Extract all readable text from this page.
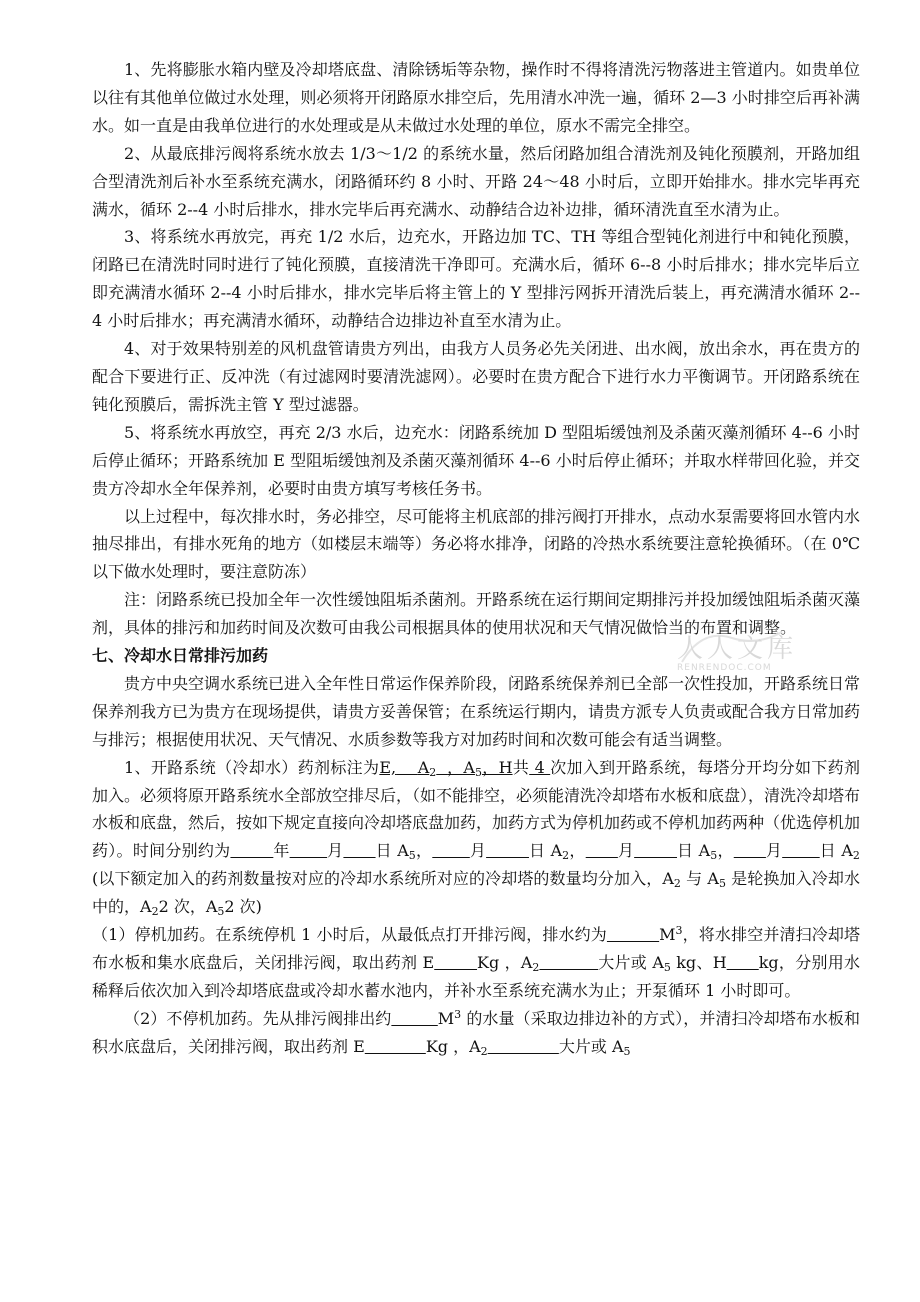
1、先将膨胀水箱内壁及冷却塔底盘、清除锈垢等杂物，操作时不得将清洗污物落进主管道内。如贵单位以往有其他单位做过水处理，则必须将开闭路原水排空后，先用清水冲洗一遍，循环 2—3 小时排空后再补满水。如一直是由我单位进行的水处理或是从未做过水处理的单位，原水不需完全排空。

2、从最底排污阀将系统水放去 1/3～1/2 的系统水量，然后闭路加组合清洗剂及钝化预膜剂，开路加组合型清洗剂后补水至系统充满水，闭路循环约 8 小时、开路 24～48 小时后，立即开始排水。排水完毕再充满水，循环 2--4 小时后排水，排水完毕后再充满水、动静结合边补边排，循环清洗直至水清为止。

3、将系统水再放完，再充 1/2 水后，边充水，开路边加 TC、TH 等组合型钝化剂进行中和钝化预膜，闭路已在清洗时同时进行了钝化预膜，直接清洗干净即可。充满水后，循环 6--8 小时后排水；排水完毕后立即充满清水循环 2--4 小时后排水，排水完毕后将主管上的 Y 型排污网拆开清洗后装上，再充满清水循环 2--4 小时后排水；再充满清水循环，动静结合边排边补直至水清为止。

4、对于效果特别差的风机盘管请贵方列出，由我方人员务必先关闭进、出水阀，放出余水，再在贵方的配合下要进行正、反冲洗（有过滤网时要清洗滤网）。必要时在贵方配合下进行水力平衡调节。开闭路系统在钝化预膜后，需拆洗主管 Y 型过滤器。

5、将系统水再放空，再充 2/3 水后，边充水：闭路系统加 D 型阻垢缓蚀剂及杀菌灭藻剂循环 4--6 小时后停止循环；开路系统加 E 型阻垢缓蚀剂及杀菌灭藻剂循环 4--6 小时后停止循环；并取水样带回化验，并交贵方冷却水全年保养剂，必要时由贵方填写考核任务书。

以上过程中，每次排水时，务必排空，尽可能将主机底部的排污阀打开排水，点动水泵需要将回水管内水抽尽排出，有排水死角的地方（如楼层末端等）务必将水排净，闭路的冷热水系统要注意轮换循环。（在 0℃以下做水处理时，要注意防冻）

注：闭路系统已投加全年一次性缓蚀阻垢杀菌剂。开路系统在运行期间定期排污并投加缓蚀阻垢杀菌灭藻剂，具体的排污和加药时间及次数可由我公司根据具体的使用状况和天气情况做恰当的布置和调整。

七、冷却水日常排污加药

贵方中央空调水系统已进入全年性日常运作保养阶段，闭路系统保养剂已全部一次性投加，开路系统日常保养剂我方已为贵方在现场提供，请贵方妥善保管；在系统运行期内，请贵方派专人负责或配合我方日常加药与排污；根据使用状况、天气情况、水质参数等我方对加药时间和次数可能会有适当调整。

1、开路系统（冷却水）药剂标注为E, $A_2$ ，$A_5$，H共 4 次加入到开路系统，每塔分开均分如下药剂加入。必须将原开路系统水全部放空排尽后，（如不能排空，必须能清洗冷却塔布水板和底盘），清洗冷却塔布水板和底盘，然后，按如下规定直接向冷却塔底盘加药，加药方式为停机加药或不停机加药两种（优选停机加药）。时间分别约为	年 月 日 $A_5$， 月	日 $A_2$， 月	日 $A_5$， 月 日 $A_2$ (以下额定加入的药剂数量按对应的冷却水系统所对应的冷却塔的数量均分加入，$A_2$ 与 $A_5$ 是轮换加入冷却水中的，$A_22$ 次，$A_52$ 次)

（1）停机加药。在系统停机 1 小时后，从最低点打开排污阀，排水约为	$M^3$，将水排空并清扫冷却塔布水板和集水底盘后，关闭排污阀，取出药剂 E	Kg ，$A_2$	大片或 $A_5$ kg、H kg，分别用水稀释后依次加入到冷却塔底盘或冷却水蓄水池内，并补水至系统充满水为止；开泵循环 1 小时即可。

（2）不停机加药。先从排污阀排出约	$M^3$ 的水量（采取边排边补的方式），并清扫冷却塔布水板和积水底盘后，关闭排污阀，取出药剂 E	Kg ，$A_2$	大片或 $A_5$

人人文库
RENRENDOC.COM
